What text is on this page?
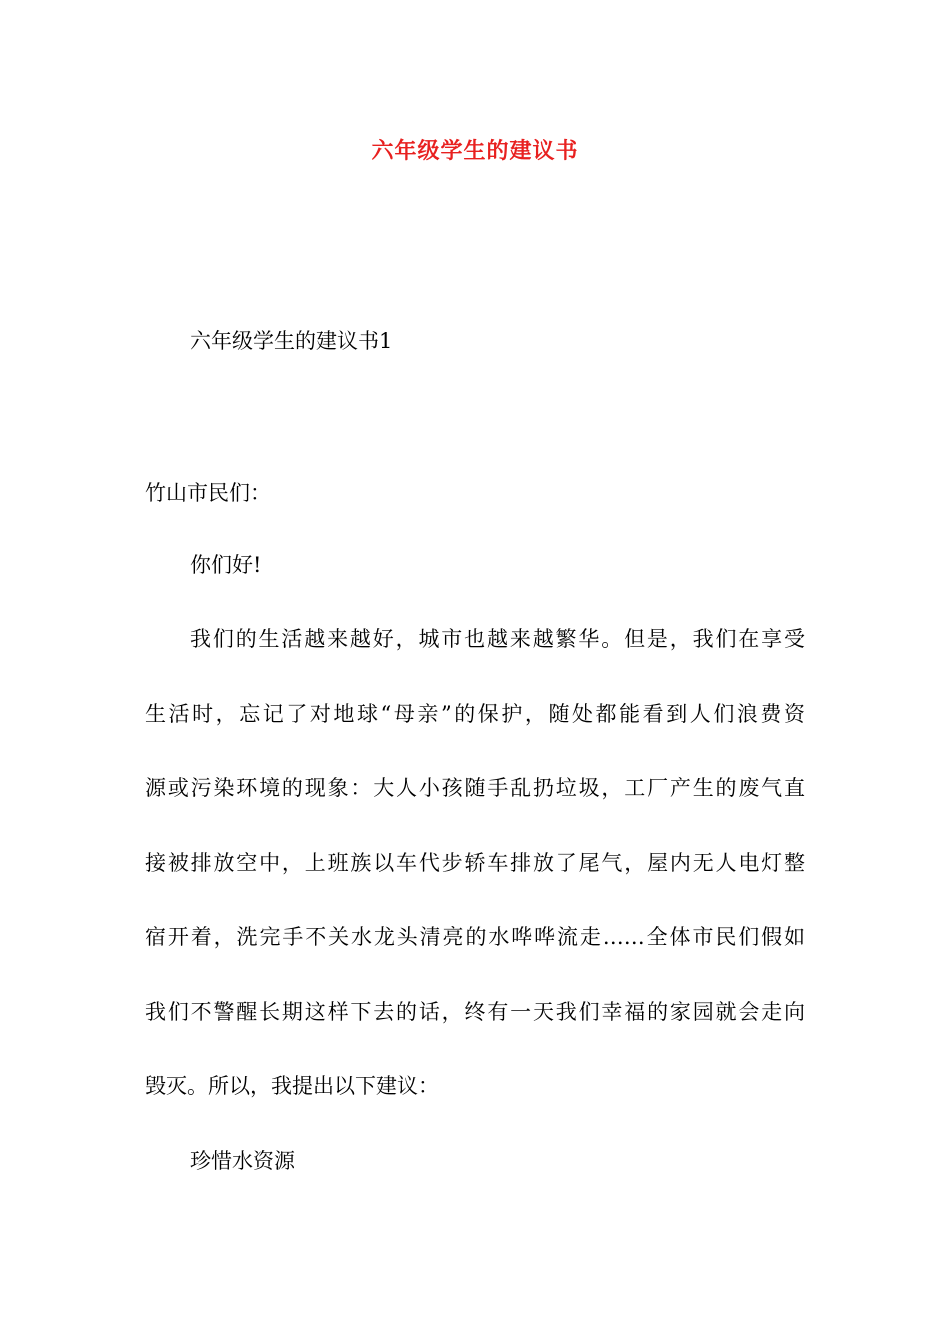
六年级学生的建议书
六年级学生的建议书1
竹山市民们：
你们好!
我们的生活越来越好，城市也越来越繁华。但是，我们在享受
生活时，忘记了对地球“母亲”的保护，随处都能看到人们浪费资
源或污染环境的现象：大人小孩随手乱扔垃圾，工厂产生的废气直
接被排放空中，上班族以车代步轿车排放了尾气，屋内无人电灯整
宿开着，洗完手不关水龙头清亮的水哗哗流走……全体市民们假如
我们不警醒长期这样下去的话，终有一天我们幸福的家园就会走向
毁灭。所以，我提出以下建议：
珍惜水资源
